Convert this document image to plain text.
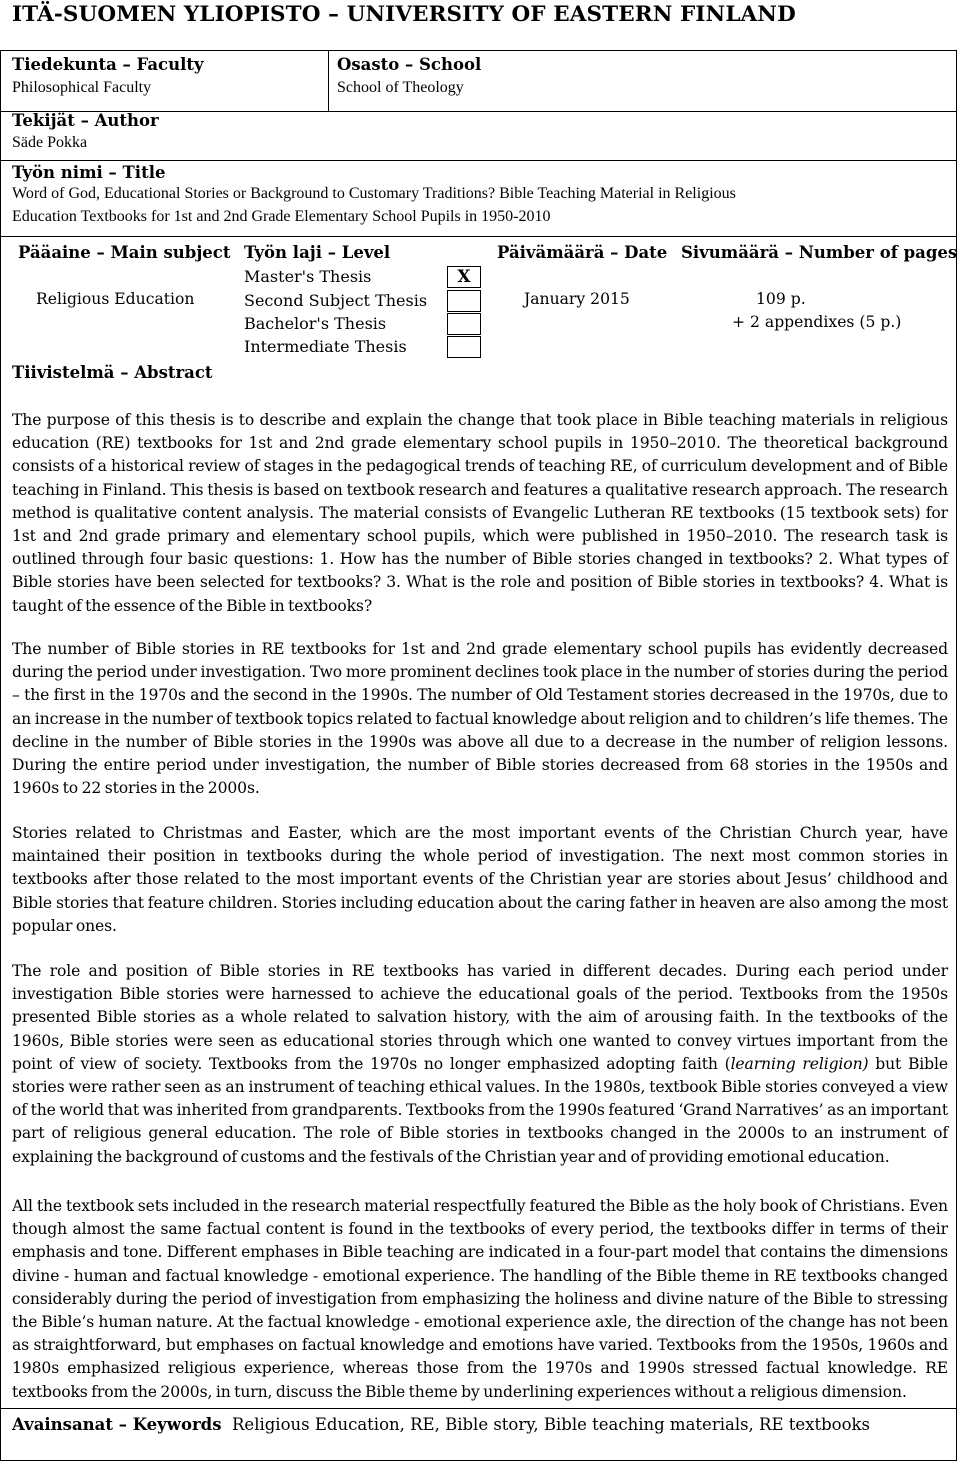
ITÄ-SUOMEN YLIOPISTO – UNIVERSITY OF EASTERN FINLAND
Tiedekunta – Faculty
Philosophical Faculty
Osasto – School
School of Theology
Tekijät – Author
Säde Pokka
Työn nimi – Title
Word of God, Educational Stories or Background to Customary Traditions? Bible Teaching Material in Religious
Education Textbooks for 1st and 2nd Grade Elementary School Pupils in 1950-2010
Pääaine – Main subject Työn laji – Level	Päivämäärä – Date Sivumäärä – Number of pages
Religious Education
Master's Thesis
Second Subject Thesis
Bachelor's Thesis
Intermediate Thesis
X
January 2015	109 p.
+ 2 appendixes (5 p.)
Tiivistelmä – Abstract

The purpose of this thesis is to describe and explain the change that took place in Bible teaching materials in religious education (RE) textbooks for 1st and 2nd grade elementary school pupils in 1950–2010. The theoretical background consists of a historical review of stages in the pedagogical trends of teaching RE, of curriculum development and of Bible teaching in Finland. This thesis is based on textbook research and features a qualitative research approach. The research method is qualitative content analysis. The material consists of Evangelic Lutheran RE textbooks (15 textbook sets) for 1st and 2nd grade primary and elementary school pupils, which were published in 1950–2010. The research task is outlined through four basic questions: 1. How has the number of Bible stories changed in textbooks? 2. What types of Bible stories have been selected for textbooks? 3. What is the role and position of Bible stories in textbooks? 4. What is taught of the essence of the Bible in textbooks?

The number of Bible stories in RE textbooks for 1st and 2nd grade elementary school pupils has evidently decreased during the period under investigation. Two more prominent declines took place in the number of stories during the period – the first in the 1970s and the second in the 1990s. The number of Old Testament stories decreased in the 1970s, due to an increase in the number of textbook topics related to factual knowledge about religion and to children’s life themes. The decline in the number of Bible stories in the 1990s was above all due to a decrease in the number of religion lessons. During the entire period under investigation, the number of Bible stories decreased from 68 stories in the 1950s and 1960s to 22 stories in the 2000s.

Stories related to Christmas and Easter, which are the most important events of the Christian Church year, have maintained their position in textbooks during the whole period of investigation. The next most common stories in textbooks after those related to the most important events of the Christian year are stories about Jesus’ childhood and Bible stories that feature children. Stories including education about the caring father in heaven are also among the most popular ones.

The role and position of Bible stories in RE textbooks has varied in different decades. During each period under investigation Bible stories were harnessed to achieve the educational goals of the period. Textbooks from the 1950s presented Bible stories as a whole related to salvation history, with the aim of arousing faith. In the textbooks of the 1960s, Bible stories were seen as educational stories through which one wanted to convey virtues important from the point of view of society. Textbooks from the 1970s no longer emphasized adopting faith (learning religion) but Bible stories were rather seen as an instrument of teaching ethical values. In the 1980s, textbook Bible stories conveyed a view of the world that was inherited from grandparents. Textbooks from the 1990s featured ‘Grand Narratives’ as an important part of religious general education. The role of Bible stories in textbooks changed in the 2000s to an instrument of explaining the background of customs and the festivals of the Christian year and of providing emotional education.

All the textbook sets included in the research material respectfully featured the Bible as the holy book of Christians. Even though almost the same factual content is found in the textbooks of every period, the textbooks differ in terms of their emphasis and tone. Different emphases in Bible teaching are indicated in a four-part model that contains the dimensions divine - human and factual knowledge - emotional experience. The handling of the Bible theme in RE textbooks changed considerably during the period of investigation from emphasizing the holiness and divine nature of the Bible to stressing the Bible’s human nature. At the factual knowledge - emotional experience axle, the direction of the change has not been as straightforward, but emphases on factual knowledge and emotions have varied. Textbooks from the 1950s, 1960s and 1980s emphasized religious experience, whereas those from the 1970s and 1990s stressed factual knowledge. RE textbooks from the 2000s, in turn, discuss the Bible theme by underlining experiences without a religious dimension.

Avainsanat – Keywords Religious Education, RE, Bible story, Bible teaching materials, RE textbooks
